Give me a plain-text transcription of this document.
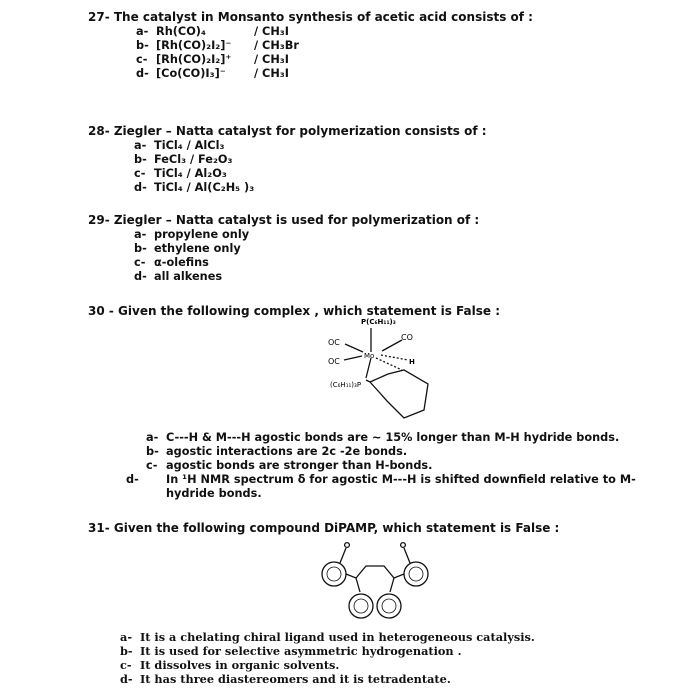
27- The catalyst in Monsanto synthesis of acetic acid consists of :
a- Rh(CO)₄	/ CH₃I
b- [Rh(CO)₂I₂]⁻ / CH₃Br
c- [Rh(CO)₂I₂]⁺ / CH₃I
d- [Co(CO)I₃]⁻	/ CH₃I
28- Ziegler – Natta catalyst for polymerization consists of :
a- TiCl₄ / AlCl₃
b- FeCl₃ / Fe₂O₃
c- TiCl₄ / Al₂O₃
d- TiCl₄ / Al(C₂H₅ )₃
29- Ziegler – Natta catalyst is used for polymerization of :
a- propylene only
b- ethylene only
c- α-olefins
d- all alkenes
30 - Given the following complex , which statement is False :
P(C₆H₁₁)₃
OC
OC
CO
Mo
H
(C₆H₁₁)₃P
a- C---H & M---H agostic bonds are ~ 15% longer than M-H hydride bonds.
b- agostic interactions are 2c -2e bonds.
c- agostic bonds are stronger than H-bonds.
d- In ¹H NMR spectrum δ for agostic M---H is shifted downfield relative to M-hydride bonds.
31- Given the following compound DiPAMP, which statement is False :
a- It is a chelating chiral ligand used in heterogeneous catalysis.
b- It is used for selective asymmetric hydrogenation .
c- It dissolves in organic solvents.
d- It has three diastereomers and it is tetradentate.
